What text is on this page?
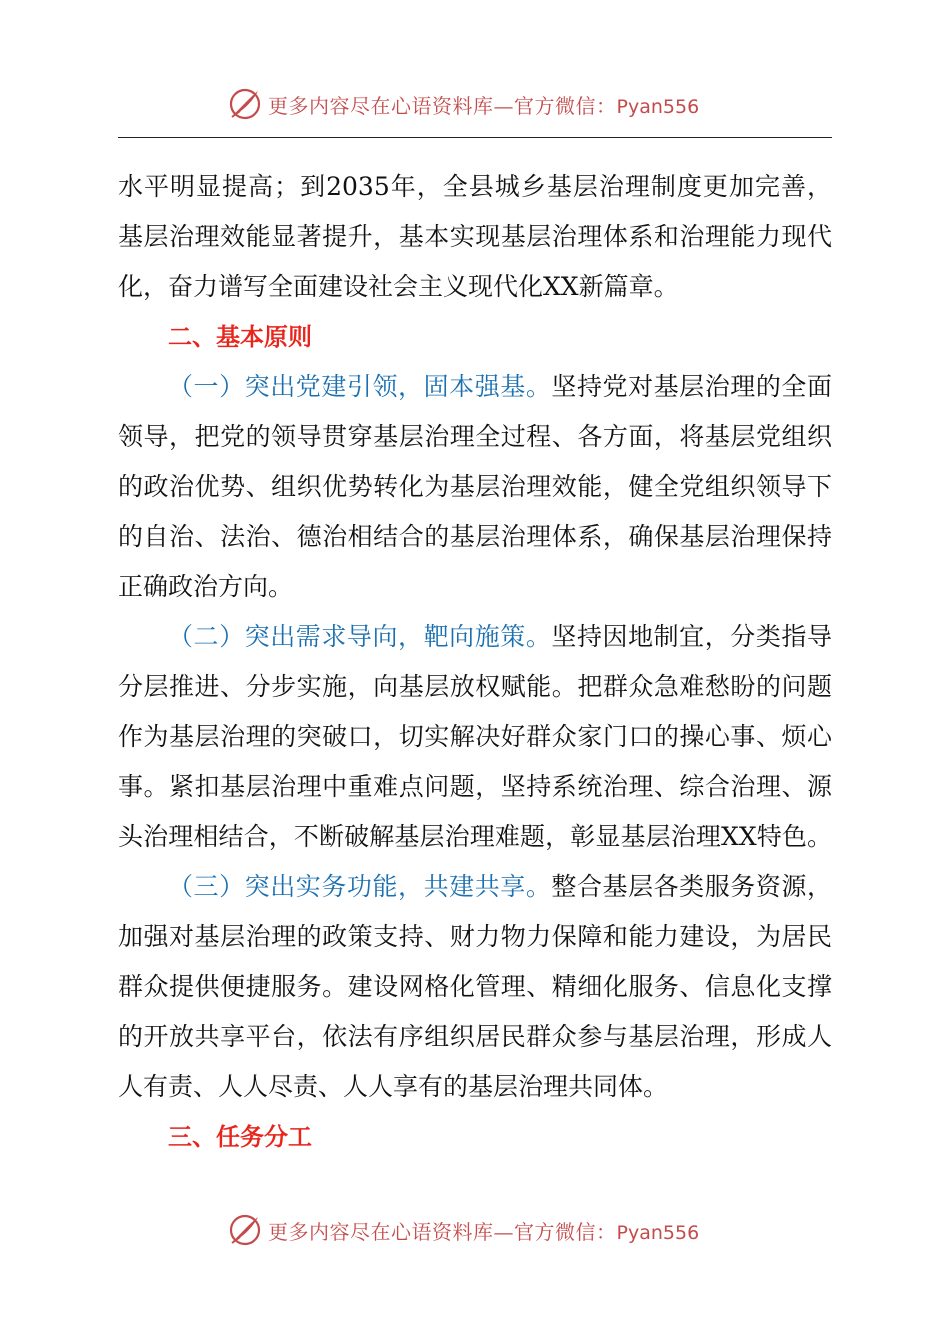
更多内容尽在心语资料库—官方微信：Pyan556
水平明显提高；到2035年，全县城乡基层治理制度更加完善，
基层治理效能显著提升，基本实现基层治理体系和治理能力现代
化，奋力谱写全面建设社会主义现代化XX新篇章。
二、基本原则
（一）突出党建引领，固本强基。坚持党对基层治理的全面
领导，把党的领导贯穿基层治理全过程、各方面，将基层党组织
的政治优势、组织优势转化为基层治理效能，健全党组织领导下
的自治、法治、德治相结合的基层治理体系，确保基层治理保持
正确政治方向。
（二）突出需求导向，靶向施策。坚持因地制宜，分类指导
分层推进、分步实施，向基层放权赋能。把群众急难愁盼的问题
作为基层治理的突破口，切实解决好群众家门口的操心事、烦心
事。紧扣基层治理中重难点问题，坚持系统治理、综合治理、源
头治理相结合，不断破解基层治理难题，彰显基层治理XX特色。
（三）突出实务功能，共建共享。整合基层各类服务资源，
加强对基层治理的政策支持、财力物力保障和能力建设，为居民
群众提供便捷服务。建设网格化管理、精细化服务、信息化支撑
的开放共享平台，依法有序组织居民群众参与基层治理，形成人
人有责、人人尽责、人人享有的基层治理共同体。
三、任务分工
更多内容尽在心语资料库—官方微信：Pyan556
